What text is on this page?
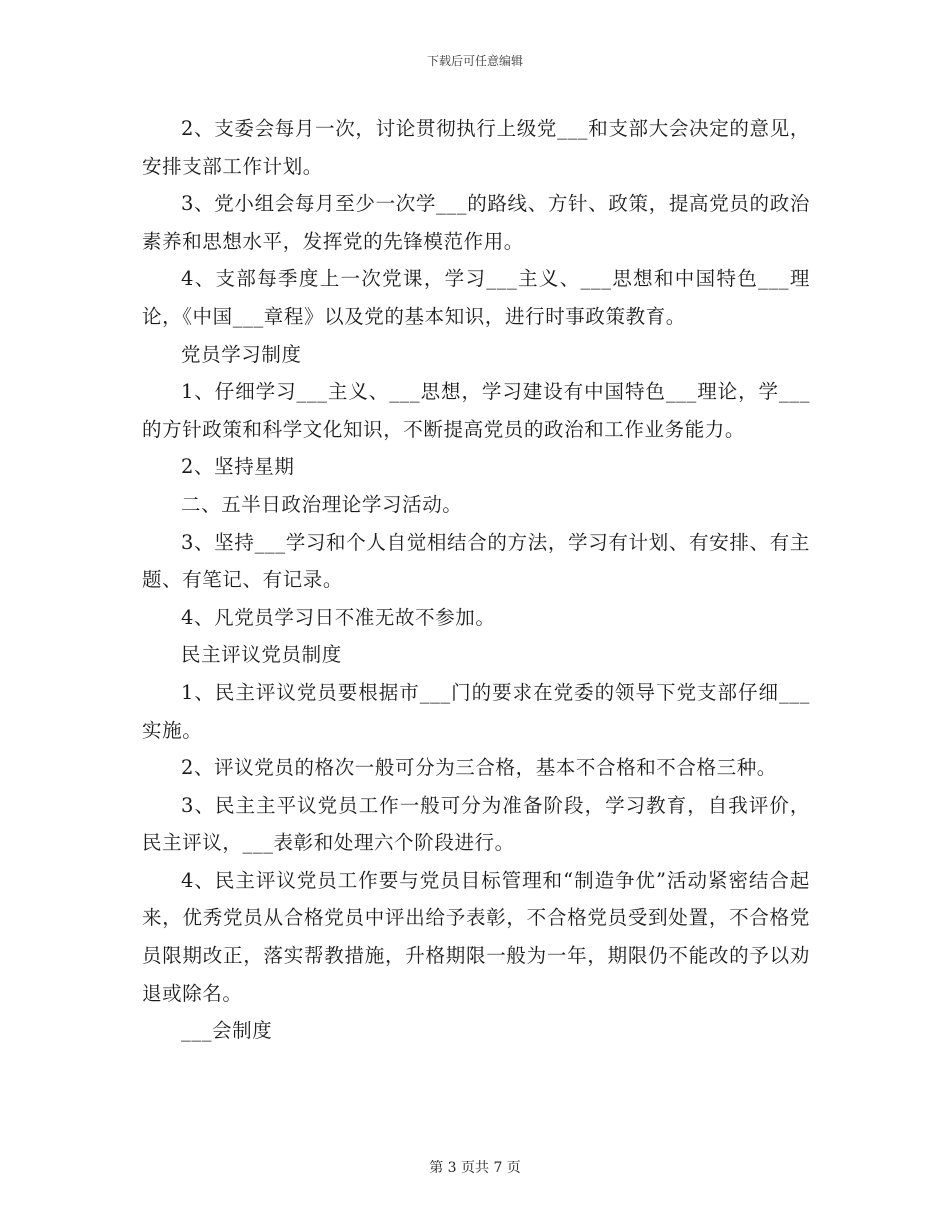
下载后可任意编辑

2、支委会每月一次，讨论贯彻执行上级党___和支部大会决定的意见，安排支部工作计划。

3、党小组会每月至少一次学___的路线、方针、政策，提高党员的政治素养和思想水平，发挥党的先锋模范作用。

4、支部每季度上一次党课，学习___主义、___思想和中国特色___理论，《中国___章程》以及党的基本知识，进行时事政策教育。

党员学习制度

1、仔细学习___主义、___思想，学习建设有中国特色___理论，学___的方针政策和科学文化知识，不断提高党员的政治和工作业务能力。

2、坚持星期

二、五半日政治理论学习活动。

3、坚持___学习和个人自觉相结合的方法，学习有计划、有安排、有主题、有笔记、有记录。

4、凡党员学习日不准无故不参加。

民主评议党员制度

1、民主评议党员要根据市___门的要求在党委的领导下党支部仔细___实施。

2、评议党员的格次一般可分为三合格，基本不合格和不合格三种。

3、民主主平议党员工作一般可分为准备阶段，学习教育，自我评价，民主评议，___表彰和处理六个阶段进行。

4、民主评议党员工作要与党员目标管理和“制造争优”活动紧密结合起来，优秀党员从合格党员中评出给予表彰，不合格党员受到处置，不合格党员限期改正，落实帮教措施，升格期限一般为一年，期限仍不能改的予以劝退或除名。

___会制度

第 3 页共 7 页
